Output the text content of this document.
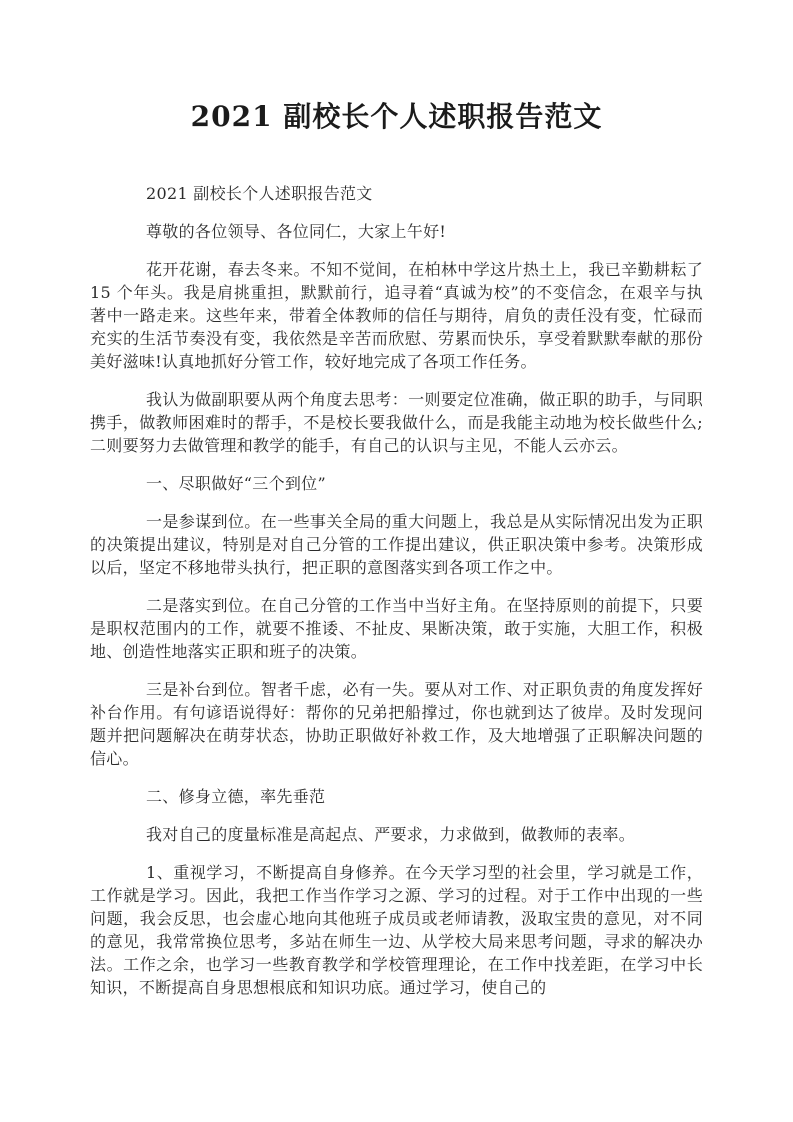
2021 副校长个人述职报告范文

2021 副校长个人述职报告范文

尊敬的各位领导、各位同仁，大家上午好!

花开花谢，春去冬来。不知不觉间，在柏林中学这片热土上，我已辛勤耕耘了 15 个年头。我是肩挑重担，默默前行，追寻着“真诚为校”的不变信念，在艰辛与执著中一路走来。这些年来，带着全体教师的信任与期待，肩负的责任没有变，忙碌而充实的生活节奏没有变，我依然是辛苦而欣慰、劳累而快乐，享受着默默奉献的那份美好滋味!认真地抓好分管工作，较好地完成了各项工作任务。

我认为做副职要从两个角度去思考：一则要定位准确，做正职的助手，与同职携手，做教师困难时的帮手，不是校长要我做什么，而是我能主动地为校长做些什么;二则要努力去做管理和教学的能手，有自己的认识与主见，不能人云亦云。

一、尽职做好“三个到位”

一是参谋到位。在一些事关全局的重大问题上，我总是从实际情况出发为正职的决策提出建议，特别是对自己分管的工作提出建议，供正职决策中参考。决策形成以后，坚定不移地带头执行，把正职的意图落实到各项工作之中。

二是落实到位。在自己分管的工作当中当好主角。在坚持原则的前提下，只要是职权范围内的工作，就要不推诿、不扯皮、果断决策，敢于实施，大胆工作，积极地、创造性地落实正职和班子的决策。

三是补台到位。智者千虑，必有一失。要从对工作、对正职负责的角度发挥好补台作用。有句谚语说得好：帮你的兄弟把船撑过，你也就到达了彼岸。及时发现问题并把问题解决在萌芽状态，协助正职做好补救工作，及大地增强了正职解决问题的信心。

二、修身立德，率先垂范

我对自己的度量标准是高起点、严要求，力求做到，做教师的表率。

1、重视学习，不断提高自身修养。在今天学习型的社会里，学习就是工作，工作就是学习。因此，我把工作当作学习之源、学习的过程。对于工作中出现的一些问题，我会反思，也会虚心地向其他班子成员或老师请教，汲取宝贵的意见，对不同的意见，我常常换位思考，多站在师生一边、从学校大局来思考问题，寻求的解决办法。工作之余，也学习一些教育教学和学校管理理论，在工作中找差距，在学习中长知识，不断提高自身思想根底和知识功底。通过学习，使自己的
